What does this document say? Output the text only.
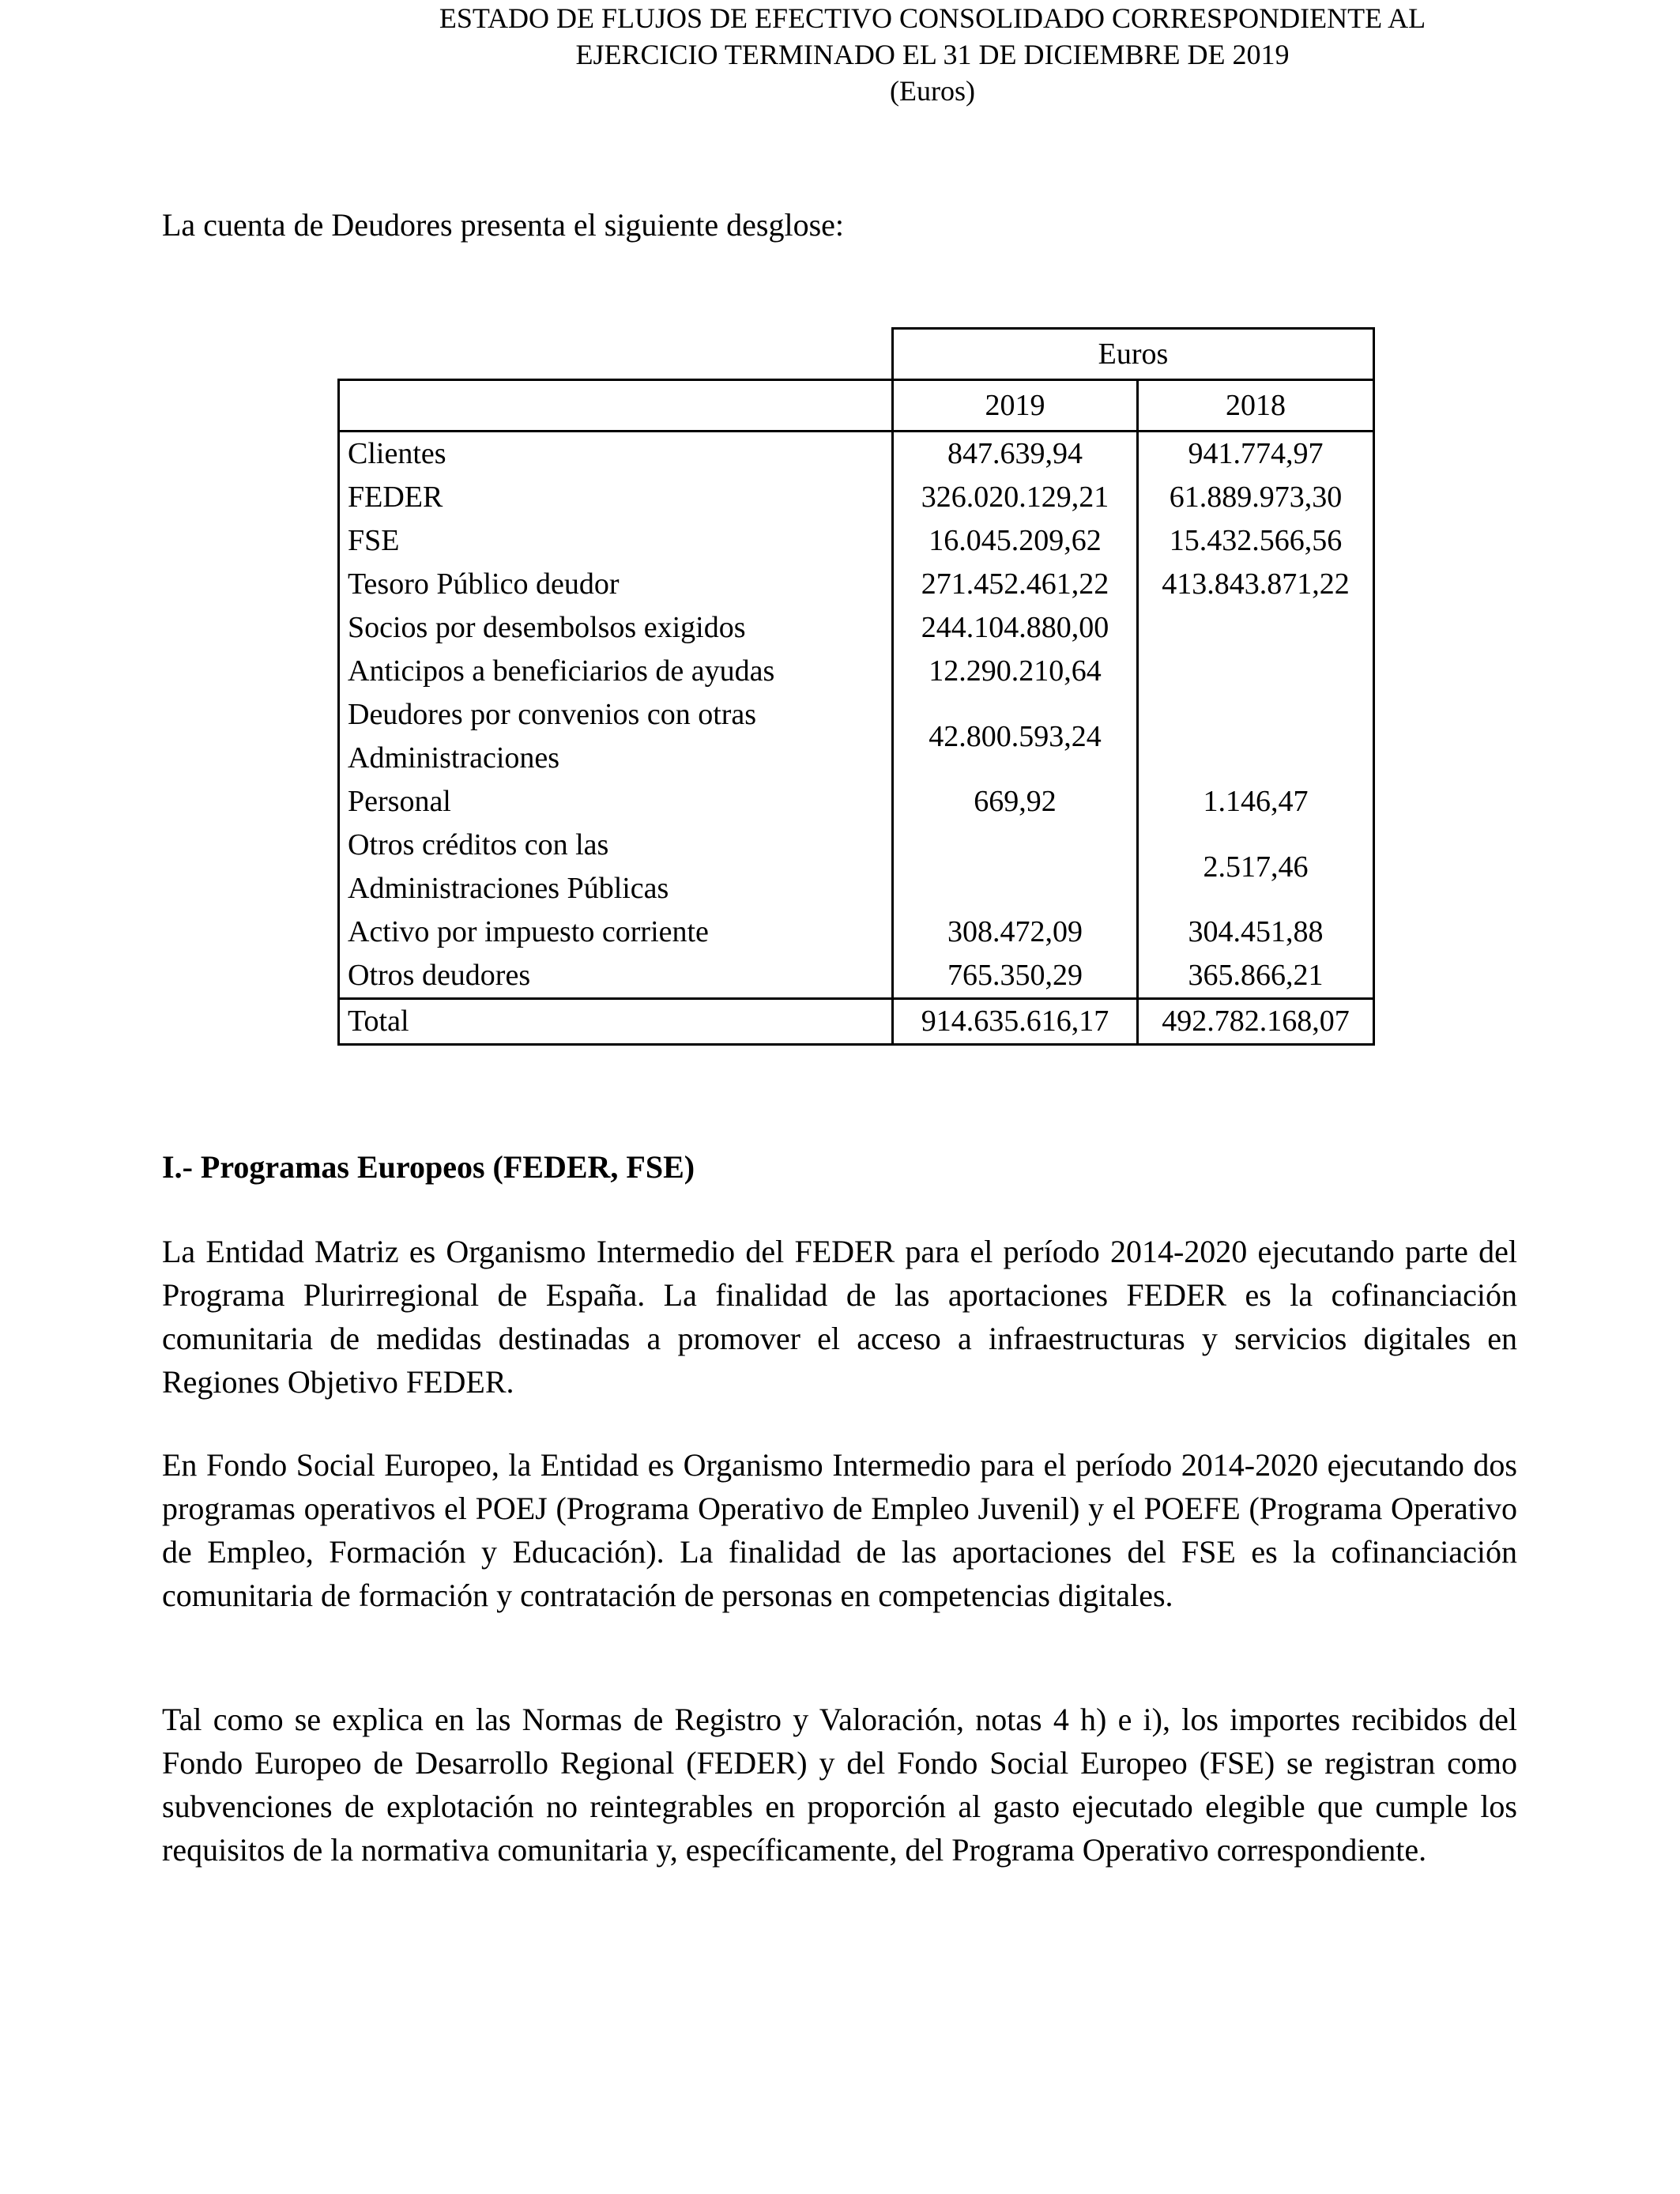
ESTADO DE FLUJOS DE EFECTIVO CONSOLIDADO CORRESPONDIENTE AL
EJERCICIO TERMINADO EL 31 DE DICIEMBRE DE 2019
(Euros)
La cuenta de Deudores presenta el siguiente desglose:
	Euros	
	2019	2018
Clientes	847.639,94	941.774,97
FEDER	326.020.129,21	61.889.973,30
FSE	16.045.209,62	15.432.566,56
Tesoro Público deudor	271.452.461,22	413.843.871,22
Socios por desembolsos exigidos	244.104.880,00	
Anticipos a beneficiarios de ayudas	12.290.210,64	

Deudores por convenios con otras
Administraciones	42.800.593,24	
Personal	669,92	1.146,47

Otros créditos con las
Administraciones Públicas		2.517,46
Activo por impuesto corriente	308.472,09	304.451,88
Otros deudores	765.350,29	365.866,21
Total	914.635.616,17	492.782.168,07
I.- Programas Europeos (FEDER, FSE)
La Entidad Matriz es Organismo Intermedio del FEDER para el período 2014-2020 ejecutando parte del Programa Plurirregional de España. La finalidad de las aportaciones FEDER es la cofinanciación comunitaria de medidas destinadas a promover el acceso a infraestructuras y servicios digitales en Regiones Objetivo FEDER.
En Fondo Social Europeo, la Entidad es Organismo Intermedio para el período 2014-2020 ejecutando dos programas operativos el POEJ (Programa Operativo de Empleo Juvenil) y el POEFE (Programa Operativo de Empleo, Formación y Educación). La finalidad de las aportaciones del FSE es la cofinanciación comunitaria de formación y contratación de personas en competencias digitales.
Tal como se explica en las Normas de Registro y Valoración, notas 4 h) e i), los importes recibidos del Fondo Europeo de Desarrollo Regional (FEDER) y del Fondo Social Europeo (FSE) se registran como subvenciones de explotación no reintegrables en proporción al gasto ejecutado elegible que cumple los requisitos de la normativa comunitaria y, específicamente, del Programa Operativo correspondiente.
